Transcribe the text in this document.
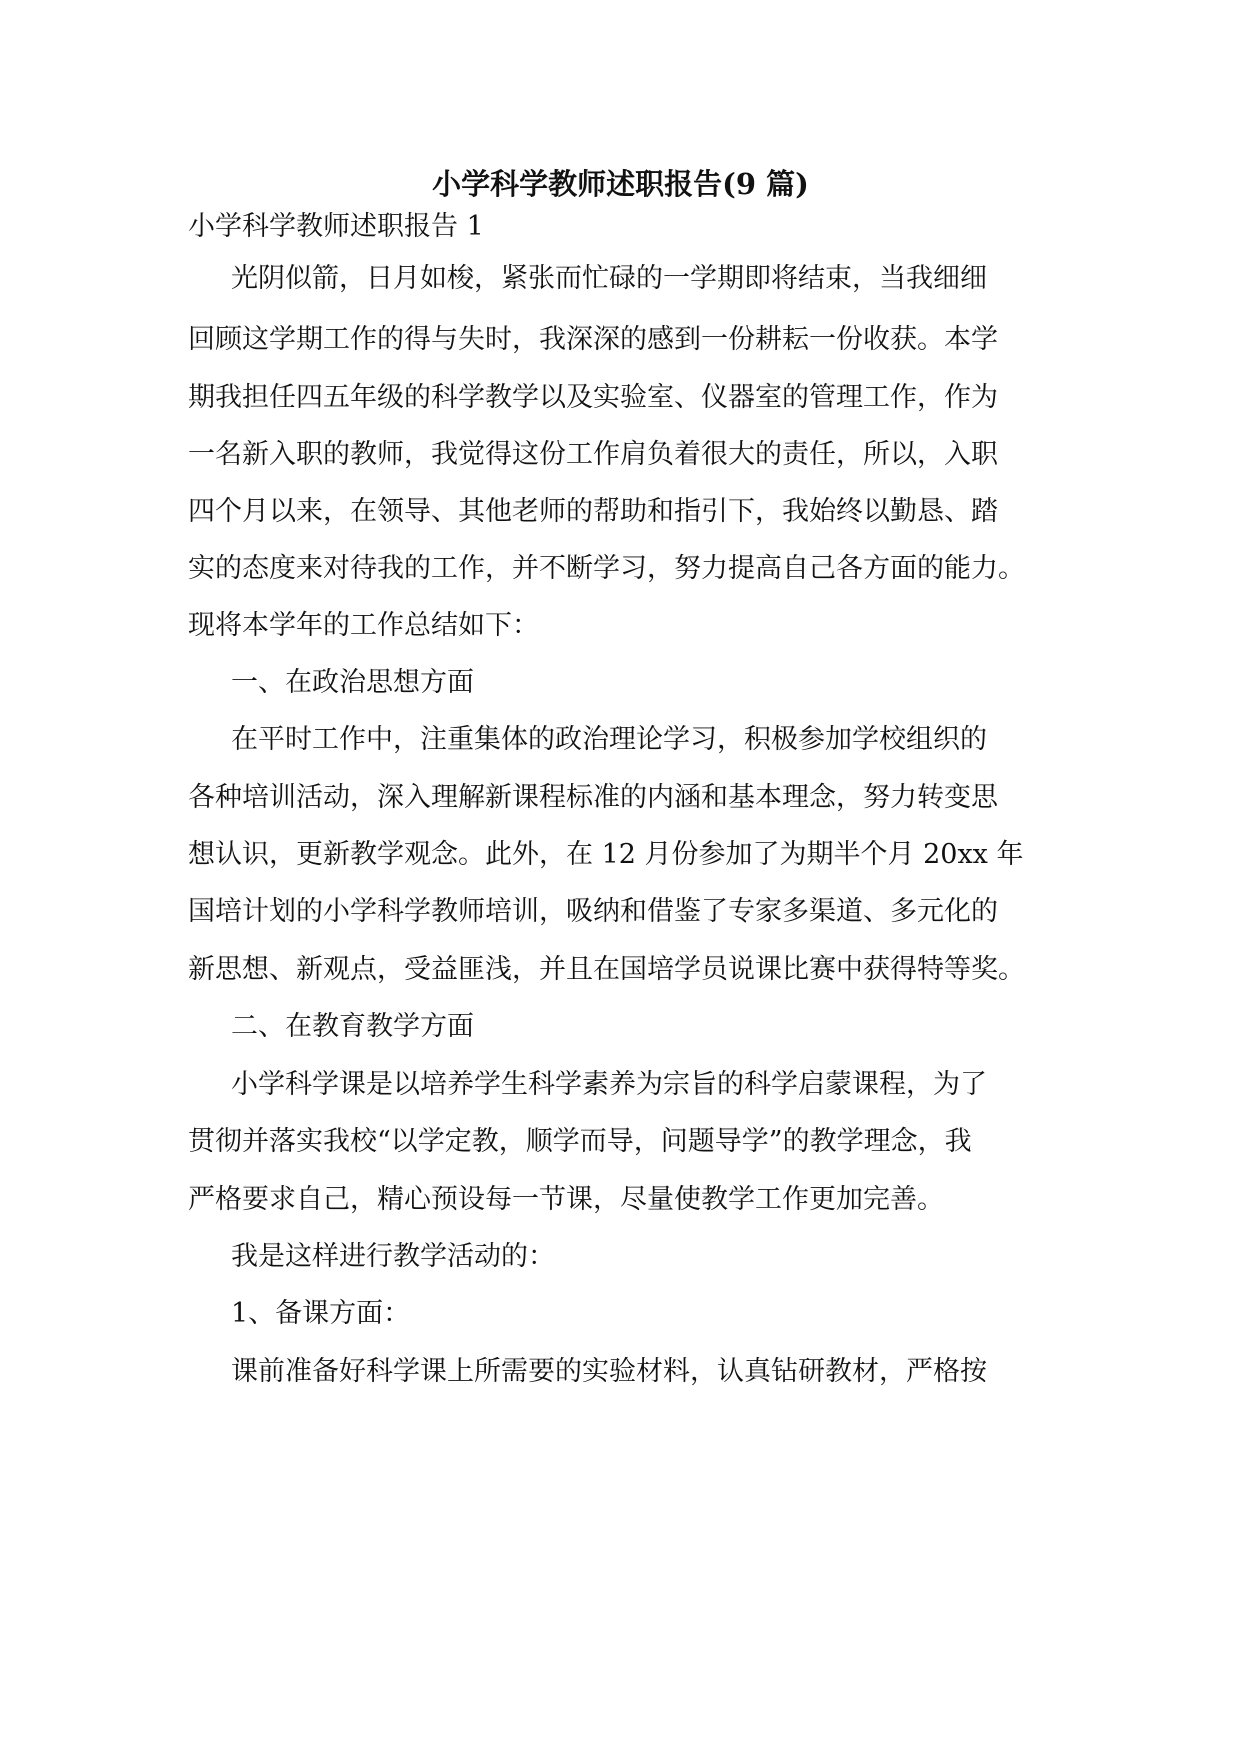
小学科学教师述职报告(9 篇)
小学科学教师述职报告 1
光阴似箭，日月如梭，紧张而忙碌的一学期即将结束，当我细细
回顾这学期工作的得与失时，我深深的感到一份耕耘一份收获。本学
期我担任四五年级的科学教学以及实验室、仪器室的管理工作，作为
一名新入职的教师，我觉得这份工作肩负着很大的责任，所以，入职
四个月以来，在领导、其他老师的帮助和指引下，我始终以勤恳、踏
实的态度来对待我的工作，并不断学习，努力提高自己各方面的能力。
现将本学年的工作总结如下：
一、在政治思想方面
在平时工作中，注重集体的政治理论学习，积极参加学校组织的
各种培训活动，深入理解新课程标准的内涵和基本理念，努力转变思
想认识，更新教学观念。此外，在 12 月份参加了为期半个月 20xx 年
国培计划的小学科学教师培训，吸纳和借鉴了专家多渠道、多元化的
新思想、新观点，受益匪浅，并且在国培学员说课比赛中获得特等奖。
二、在教育教学方面
小学科学课是以培养学生科学素养为宗旨的科学启蒙课程，为了
贯彻并落实我校“以学定教，顺学而导，问题导学”的教学理念，我
严格要求自己，精心预设每一节课，尽量使教学工作更加完善。
我是这样进行教学活动的：
1、备课方面：
课前准备好科学课上所需要的实验材料，认真钻研教材，严格按
